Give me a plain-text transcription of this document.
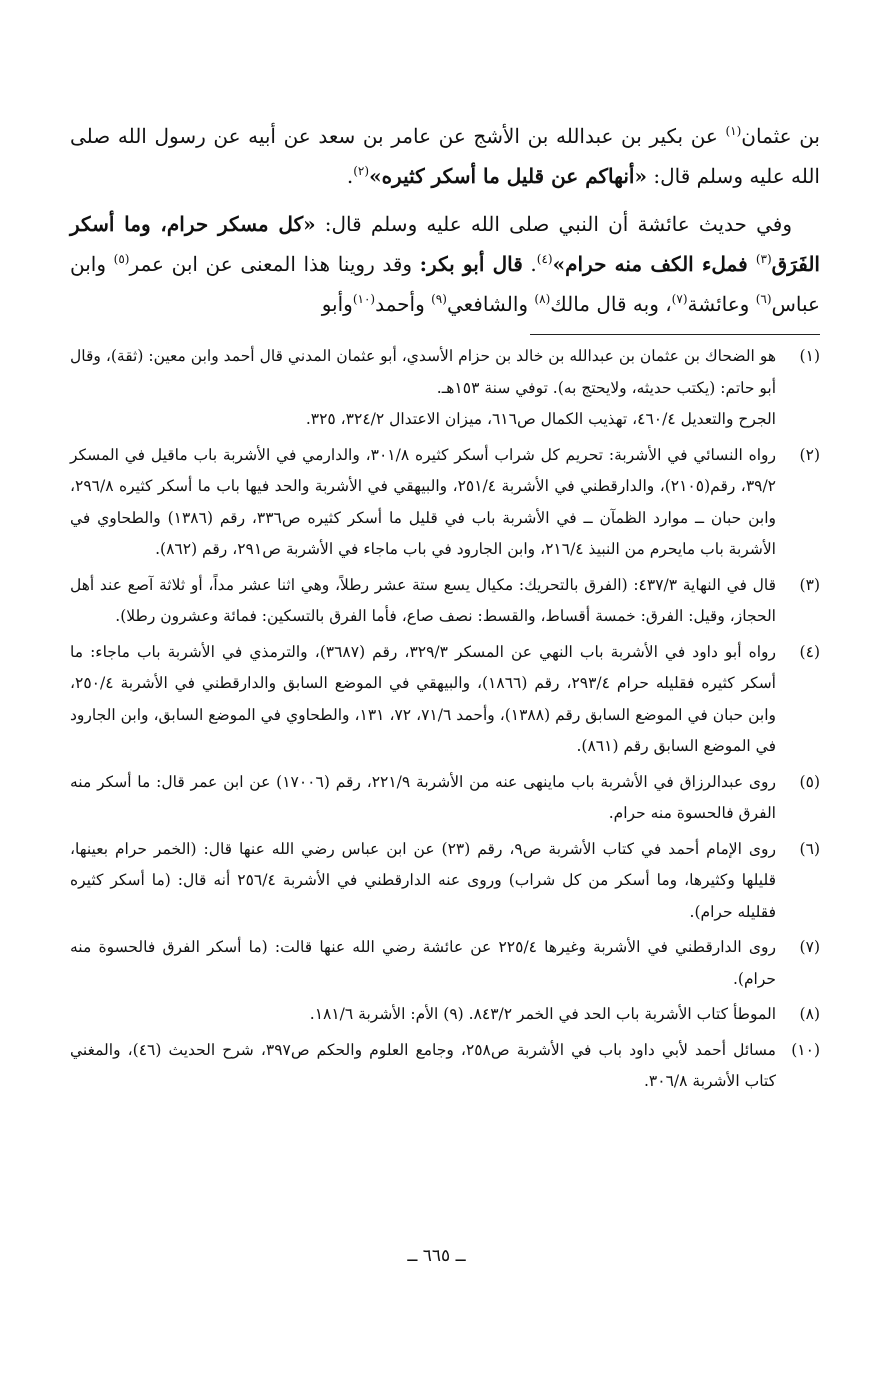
بن عثمان$^{(١)}$ عن بكير بن عبدالله بن الأشج عن عامر بن سعد عن أبيه عن رسول الله صلى الله عليه وسلم قال: «أنهاكم عن قليل ما أسكر كثيره»$^{(٢)}$.

وفي حديث عائشة أن النبي صلى الله عليه وسلم قال: «كل مسكر حرام، وما أسكر الفَرَق$^{(٣)}$ فملء الكف منه حرام»$^{(٤)}$. قال أبو بكر: وقد روينا هذا المعنى عن ابن عمر$^{(٥)}$ وابن عباس$^{(٦)}$ وعائشة$^{(٧)}$، وبه قال مالك$^{(٨)}$ والشافعي$^{(٩)}$ وأحمد$^{(١٠)}$وأبو

(١)

هو الضحاك بن عثمان بن عبدالله بن خالد بن حزام الأسدي، أبو عثمان المدني قال أحمد وابن معين: (ثقة)، وقال أبو حاتم: (يكتب حديثه، ولايحتج به). توفي سنة ١٥٣هـ.

الجرح والتعديل ٤٦٠/٤، تهذيب الكمال ص٦١٦، ميزان الاعتدال ٣٢٤/٢، ٣٢٥.

(٢)

رواه النسائي في الأشربة: تحريم كل شراب أسكر كثيره ٣٠١/٨، والدارمي في الأشربة باب ماقيل في المسكر ٣٩/٢، رقم(٢١٠٥)، والدارقطني في الأشربة ٢٥١/٤، والبيهقي في الأشربة والحد فيها باب ما أسكر كثيره ٢٩٦/٨، وابن حبان ــ موارد الظمآن ــ في الأشربة باب في قليل ما أسكر كثيره ص٣٣٦، رقم (١٣٨٦) والطحاوي في الأشربة باب مايحرم من النبيذ ٢١٦/٤، وابن الجارود في باب ماجاء في الأشربة ص٢٩١، رقم (٨٦٢).

(٣)

قال في النهاية ٤٣٧/٣: (الفرق بالتحريك: مكيال يسع ستة عشر رطلاً، وهي اثنا عشر مداً، أو ثلاثة آصع عند أهل الحجاز، وقيل: الفرق: خمسة أقساط، والقسط: نصف صاع، فأما الفرق بالتسكين: فمائة وعشرون رطلا).

(٤)

رواه أبو داود في الأشربة باب النهي عن المسكر ٣٢٩/٣، رقم (٣٦٨٧)، والترمذي في الأشربة باب ماجاء: ما أسكر كثيره فقليله حرام ٢٩٣/٤، رقم (١٨٦٦)، والبيهقي في الموضع السابق والدارقطني في الأشربة ٢٥٠/٤، وابن حبان في الموضع السابق رقم (١٣٨٨)، وأحمد ٧١/٦، ٧٢، ١٣١، والطحاوي في الموضع السابق، وابن الجارود في الموضع السابق رقم (٨٦١).

(٥)

روى عبدالرزاق في الأشربة باب ماينهى عنه من الأشربة ٢٢١/٩، رقم (١٧٠٠٦) عن ابن عمر قال: ما أسكر منه الفرق فالحسوة منه حرام.

(٦)

روى الإمام أحمد في كتاب الأشربة ص٩، رقم (٢٣) عن ابن عباس رضي الله عنها قال: (الخمر حرام بعينها، قليلها وكثيرها، وما أسكر من كل شراب) وروى عنه الدارقطني في الأشربة ٢٥٦/٤ أنه قال: (ما أسكر كثيره فقليله حرام).

(٧)

روى الدارقطني في الأشربة وغيرها ٢٢٥/٤ عن عائشة رضي الله عنها قالت: (ما أسكر الفرق فالحسوة منه حرام).

(٨)

الموطأ كتاب الأشربة باب الحد في الخمر ٨٤٣/٢. (٩) الأم: الأشربة ١٨١/٦.

(١٠)

مسائل أحمد لأبي داود باب في الأشربة ص٢٥٨، وجامع العلوم والحكم ص٣٩٧، شرح الحديث (٤٦)، والمغني كتاب الأشربة ٣٠٦/٨.

ــ ٦٦٥ ــ
